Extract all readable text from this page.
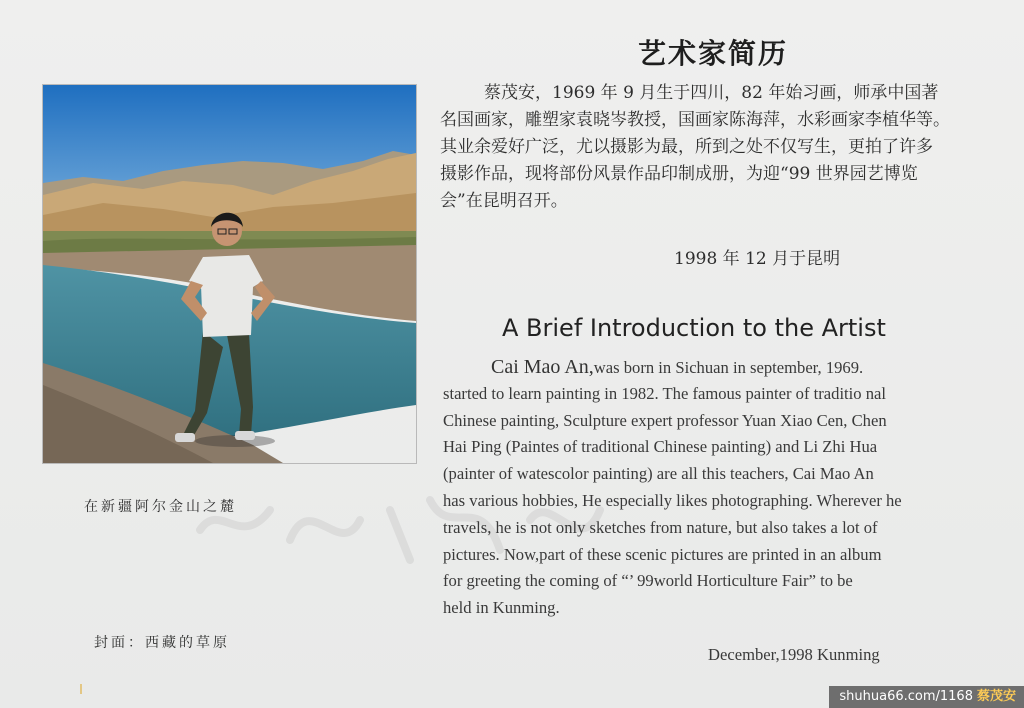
在新疆阿尔金山之麓
封面：西藏的草原
艺术家简历
蔡茂安，1969 年 9 月生于四川，82 年始习画，师承中国著
名国画家，雕塑家袁晓岑教授，国画家陈海萍，水彩画家李植华等。
其业余爱好广泛，尤以摄影为最，所到之处不仅写生，更拍了许多
摄影作品，现将部份风景作品印制成册，为迎“99 世界园艺博览
会”在昆明召开。
1998 年 12 月于昆明
A Brief Introduction to the Artist
Cai Mao An,was born in Sichuan in september, 1969.
started to learn painting in 1982. The famous painter of traditio nal
Chinese painting, Sculpture expert professor Yuan Xiao Cen, Chen
Hai Ping (Paintes of traditional Chinese painting) and Li Zhi Hua
(painter of watescolor painting) are all this teachers, Cai Mao An
has various hobbies, He especially likes photographing. Wherever he
travels, he is not only sketches from nature, but also takes a lot of
pictures. Now,part of these scenic pictures are printed in an album
for greeting the coming of “’ 99world Horticulture Fair” to be
held in Kunming.
December,1998 Kunming
shuhua66.com/1168 蔡茂安
